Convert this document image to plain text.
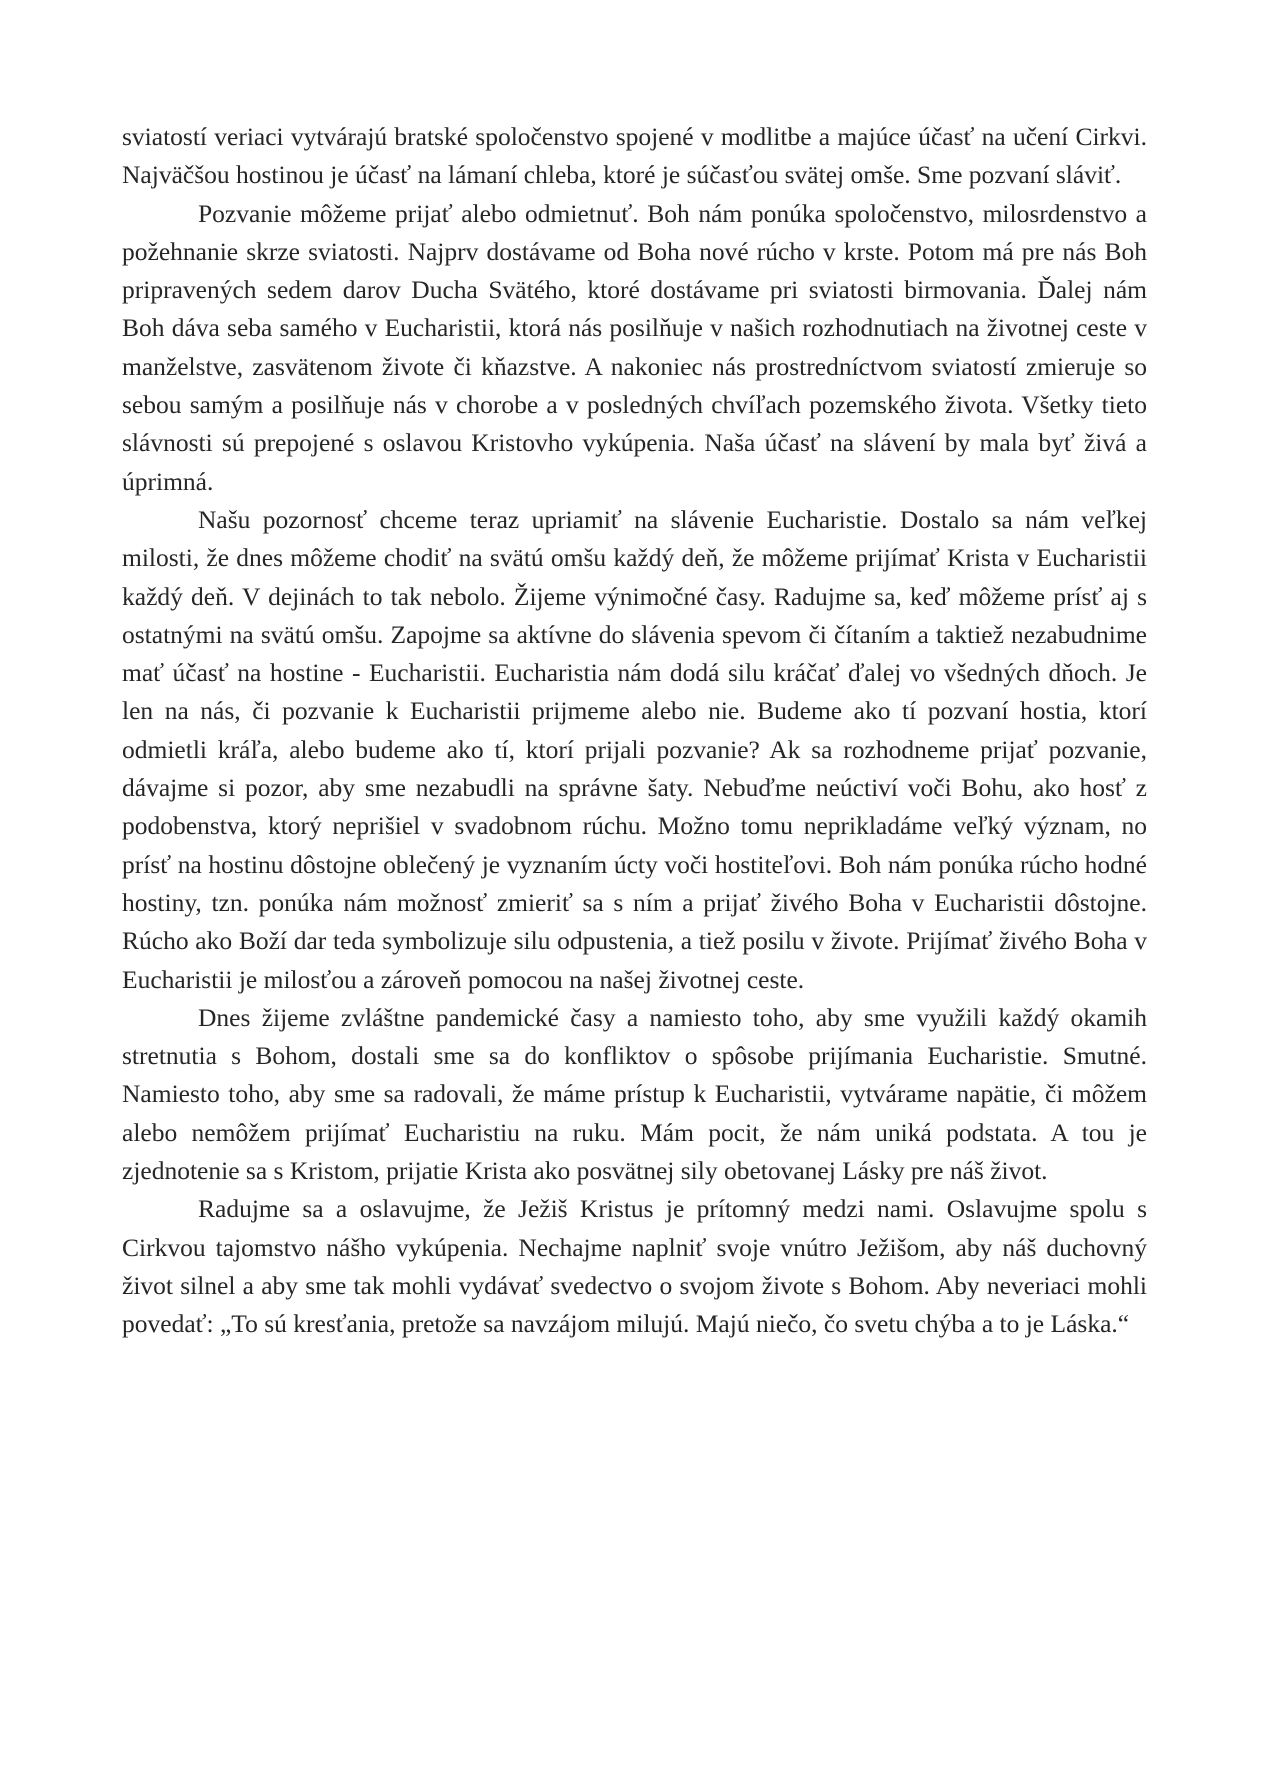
sviatostí veriaci vytvárajú bratské spoločenstvo spojené v modlitbe a majúce účasť na učení Cirkvi. Najväčšou hostinou je účasť na lámaní chleba, ktoré je súčasťou svätej omše. Sme pozvaní sláviť.

Pozvanie môžeme prijať alebo odmietnuť. Boh nám ponúka spoločenstvo, milosrdenstvo a požehnanie skrze sviatosti. Najprv dostávame od Boha nové rúcho v krste. Potom má pre nás Boh pripravených sedem darov Ducha Svätého, ktoré dostávame pri sviatosti birmovania. Ďalej nám Boh dáva seba samého v Eucharistii, ktorá nás posilňuje v našich rozhodnutiach na životnej ceste v manželstve, zasvätenom živote či kňazstve. A nakoniec nás prostredníctvom sviatostí zmieruje so sebou samým a posilňuje nás v chorobe a v posledných chvíľach pozemského života. Všetky tieto slávnosti sú prepojené s oslavou Kristovho vykúpenia. Naša účasť na slávení by mala byť živá a úprimná.

Našu pozornosť chceme teraz upriamiť na slávenie Eucharistie. Dostalo sa nám veľkej milosti, že dnes môžeme chodiť na svätú omšu každý deň, že môžeme prijímať Krista v Eucharistii každý deň. V dejinách to tak nebolo. Žijeme výnimočné časy. Radujme sa, keď môžeme prísť aj s ostatnými na svätú omšu. Zapojme sa aktívne do slávenia spevom či čítaním a taktiež nezabudnime mať účasť na hostine - Eucharistii. Eucharistia nám dodá silu kráčať ďalej vo všedných dňoch. Je len na nás, či pozvanie k Eucharistii prijmeme alebo nie. Budeme ako tí pozvaní hostia, ktorí odmietli kráľa, alebo budeme ako tí, ktorí prijali pozvanie? Ak sa rozhodneme prijať pozvanie, dávajme si pozor, aby sme nezabudli na správne šaty. Nebuďme neúctiví voči Bohu, ako hosť z podobenstva, ktorý neprišiel v svadobnom rúchu. Možno tomu neprikladáme veľký význam, no prísť na hostinu dôstojne oblečený je vyznaním úcty voči hostiteľovi. Boh nám ponúka rúcho hodné hostiny, tzn. ponúka nám možnosť zmieriť sa s ním a prijať živého Boha v Eucharistii dôstojne. Rúcho ako Boží dar teda symbolizuje silu odpustenia, a tiež posilu v živote. Prijímať živého Boha v Eucharistii je milosťou a zároveň pomocou na našej životnej ceste.

Dnes žijeme zvláštne pandemické časy a namiesto toho, aby sme využili každý okamih stretnutia s Bohom, dostali sme sa do konfliktov o spôsobe prijímania Eucharistie. Smutné. Namiesto toho, aby sme sa radovali, že máme prístup k Eucharistii, vytvárame napätie, či môžem alebo nemôžem prijímať Eucharistiu na ruku. Mám pocit, že nám uniká podstata. A tou je zjednotenie sa s Kristom, prijatie Krista ako posvätnej sily obetovanej Lásky pre náš život.

Radujme sa a oslavujme, že Ježiš Kristus je prítomný medzi nami. Oslavujme spolu s Cirkvou tajomstvo nášho vykúpenia. Nechajme naplniť svoje vnútro Ježišom, aby náš duchovný život silnel a aby sme tak mohli vydávať svedectvo o svojom živote s Bohom. Aby neveriaci mohli povedať: „To sú kresťania, pretože sa navzájom milujú. Majú niečo, čo svetu chýba a to je Láska.“
